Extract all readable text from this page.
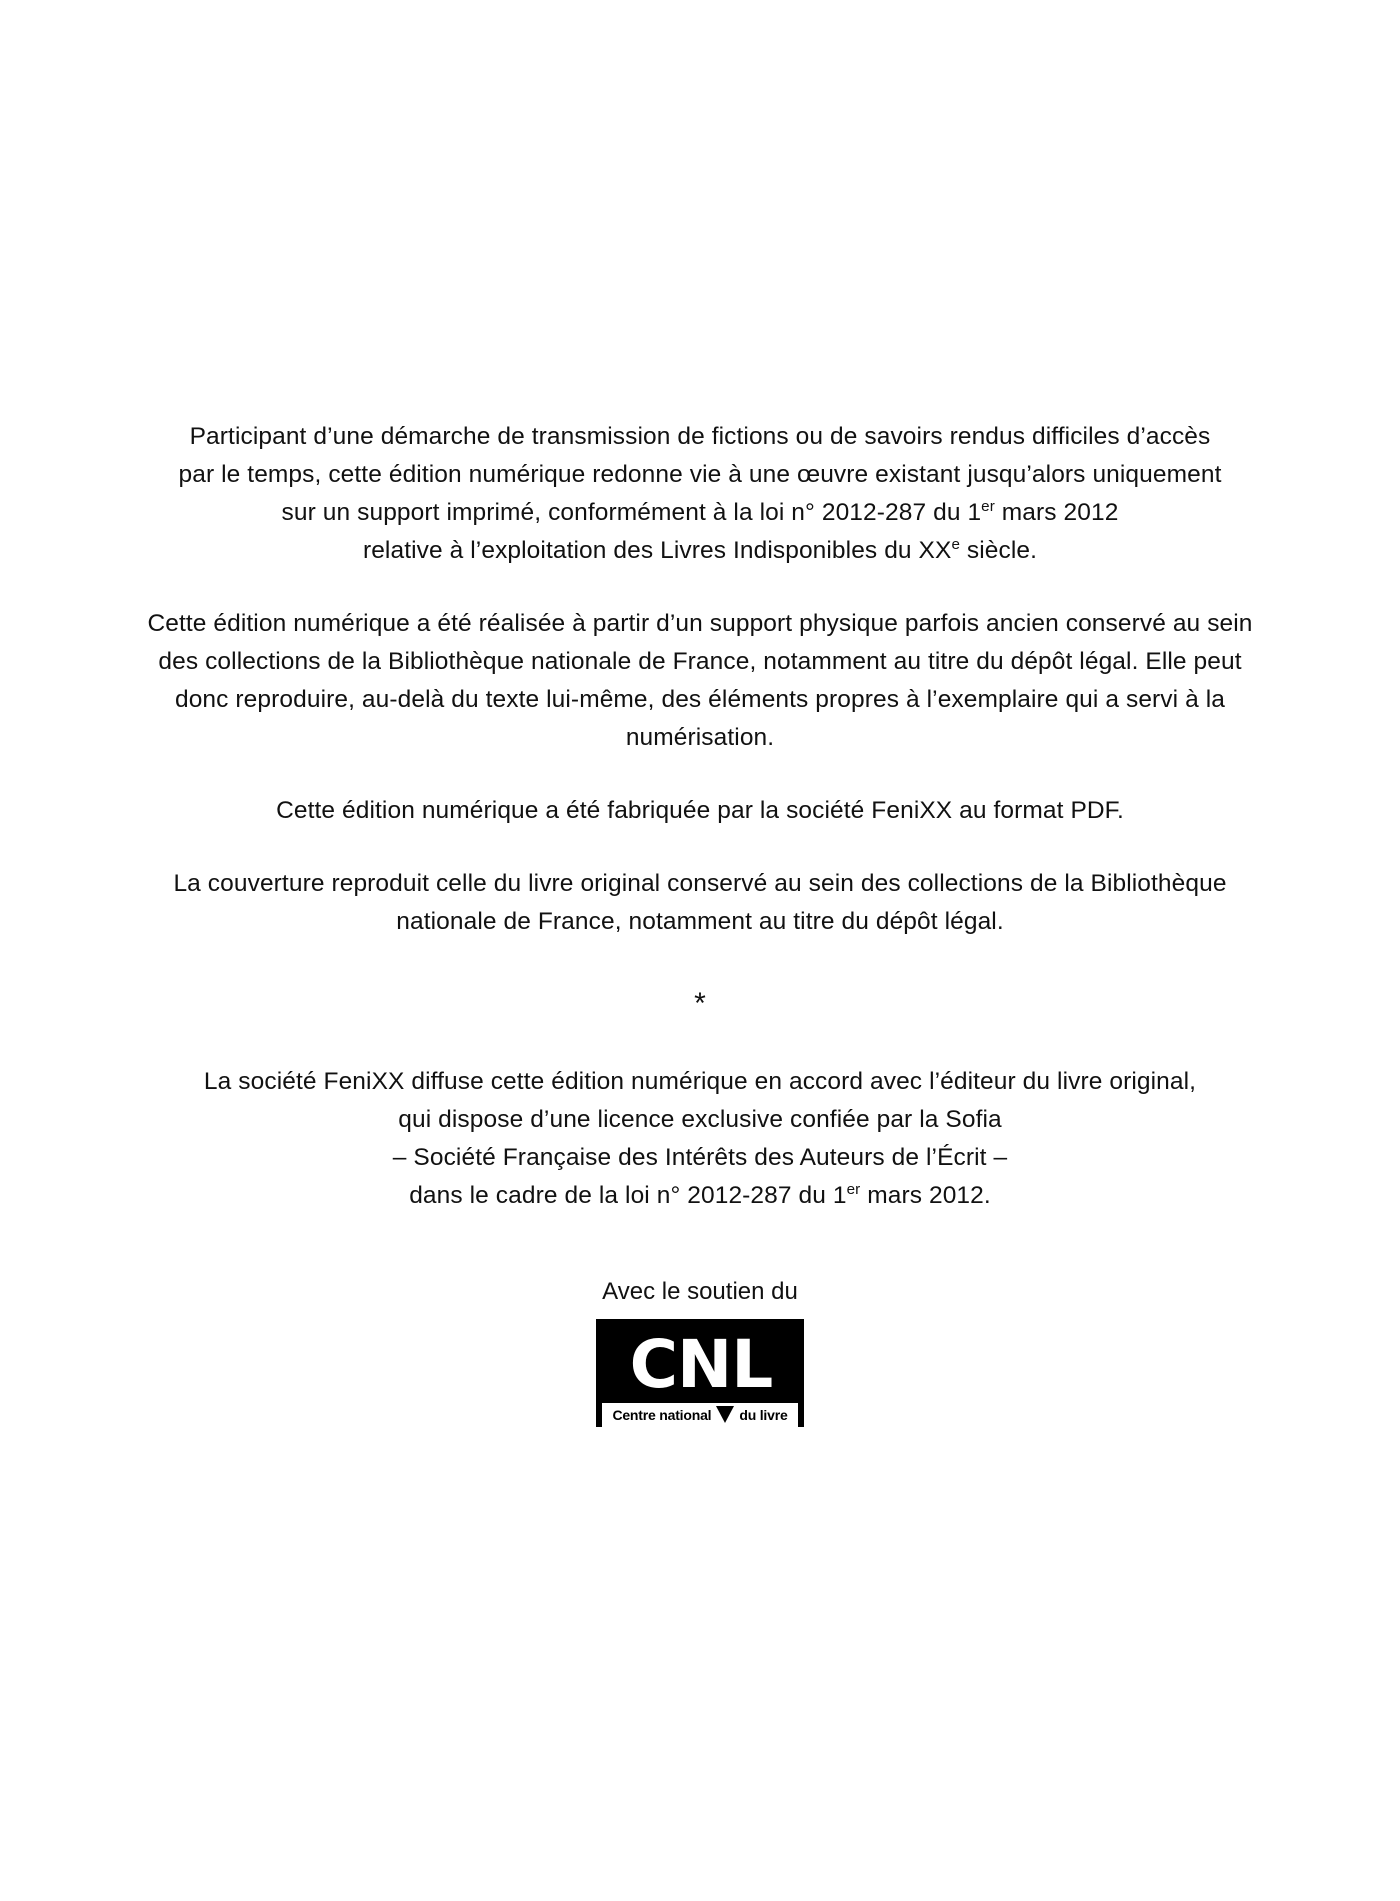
Participant d’une démarche de transmission de fictions ou de savoirs rendus difficiles d’accès
par le temps, cette édition numérique redonne vie à une œuvre existant jusqu’alors uniquement
sur un support imprimé, conformément à la loi n° 2012-287 du 1er mars 2012
relative à l’exploitation des Livres Indisponibles du XXe siècle.
Cette édition numérique a été réalisée à partir d’un support physique parfois ancien conservé au sein des collections de la Bibliothèque nationale de France, notamment au titre du dépôt légal. Elle peut donc reproduire, au-delà du texte lui-même, des éléments propres à l’exemplaire qui a servi à la numérisation.
Cette édition numérique a été fabriquée par la société FeniXX au format PDF.
La couverture reproduit celle du livre original conservé au sein des collections de la Bibliothèque nationale de France, notamment au titre du dépôt légal.
*
La société FeniXX diffuse cette édition numérique en accord avec l’éditeur du livre original,
qui dispose d’une licence exclusive confiée par la Sofia
– Société Française des Intérêts des Auteurs de l’Écrit –
dans le cadre de la loi n° 2012-287 du 1er mars 2012.
Avec le soutien du
CNL
Centre national du livre
